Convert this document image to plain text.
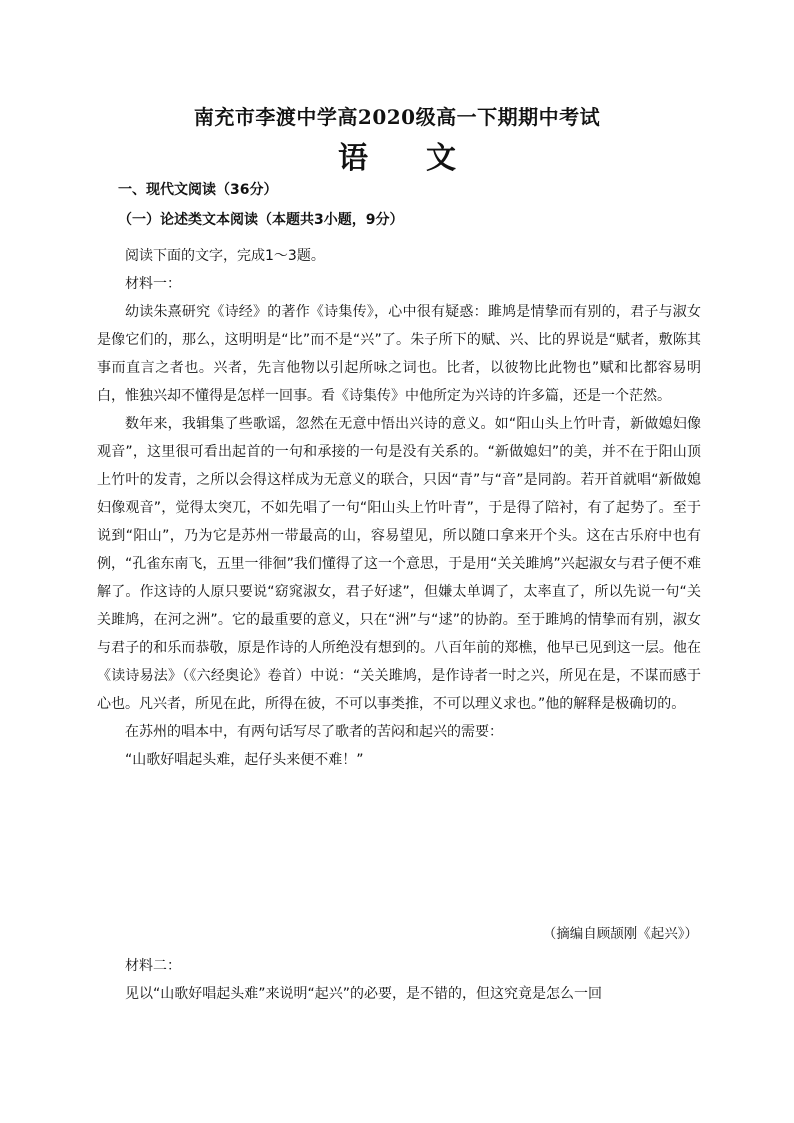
南充市李渡中学高2020级高一下期期中考试
语 文
一、现代文阅读（36分）
（一）论述类文本阅读（本题共3小题，9分）

阅读下面的文字，完成1～3题。

材料一：

幼读朱熹研究《诗经》的著作《诗集传》，心中很有疑惑：雎鸠是情挚而有别的，君子与淑女是像它们的，那么，这明明是“比”而不是“兴”了。朱子所下的赋、兴、比的界说是“赋者，敷陈其事而直言之者也。兴者，先言他物以引起所咏之词也。比者，以彼物比此物也”赋和比都容易明白，惟独兴却不懂得是怎样一回事。看《诗集传》中他所定为兴诗的许多篇，还是一个茫然。

数年来，我辑集了些歌谣，忽然在无意中悟出兴诗的意义。如“阳山头上竹叶青，新做媳妇像观音”，这里很可看出起首的一句和承接的一句是没有关系的。“新做媳妇”的美，并不在于阳山顶上竹叶的发青，之所以会得这样成为无意义的联合，只因“青”与“音”是同韵。若开首就唱“新做媳妇像观音”，觉得太突兀，不如先唱了一句“阳山头上竹叶青”，于是得了陪衬，有了起势了。至于说到“阳山”，乃为它是苏州一带最高的山，容易望见，所以随口拿来开个头。这在古乐府中也有例，“孔雀东南飞，五里一徘徊”我们懂得了这一个意思，于是用“关关雎鸠”兴起淑女与君子便不难解了。作这诗的人原只要说“窈窕淑女，君子好逑”，但嫌太单调了，太率直了，所以先说一句“关关雎鸠，在河之洲”。它的最重要的意义，只在“洲”与“逑”的协韵。至于雎鸠的情挚而有别，淑女与君子的和乐而恭敬，原是作诗的人所绝没有想到的。八百年前的郑樵，他早已见到这一层。他在《读诗易法》（《六经奥论》卷首）中说：“关关雎鸠，是作诗者一时之兴，所见在是，不谋而感于心也。凡兴者，所见在此，所得在彼，不可以事类推，不可以理义求也。”他的解释是极确切的。

在苏州的唱本中，有两句话写尽了歌者的苦闷和起兴的需要：

“山歌好唱起头难，起仔头来便不难！”

（摘编自顾颉刚《起兴》）

材料二：

见以“山歌好唱起头难”来说明“起兴”的必要，是不错的，但这究竟是怎么一回
